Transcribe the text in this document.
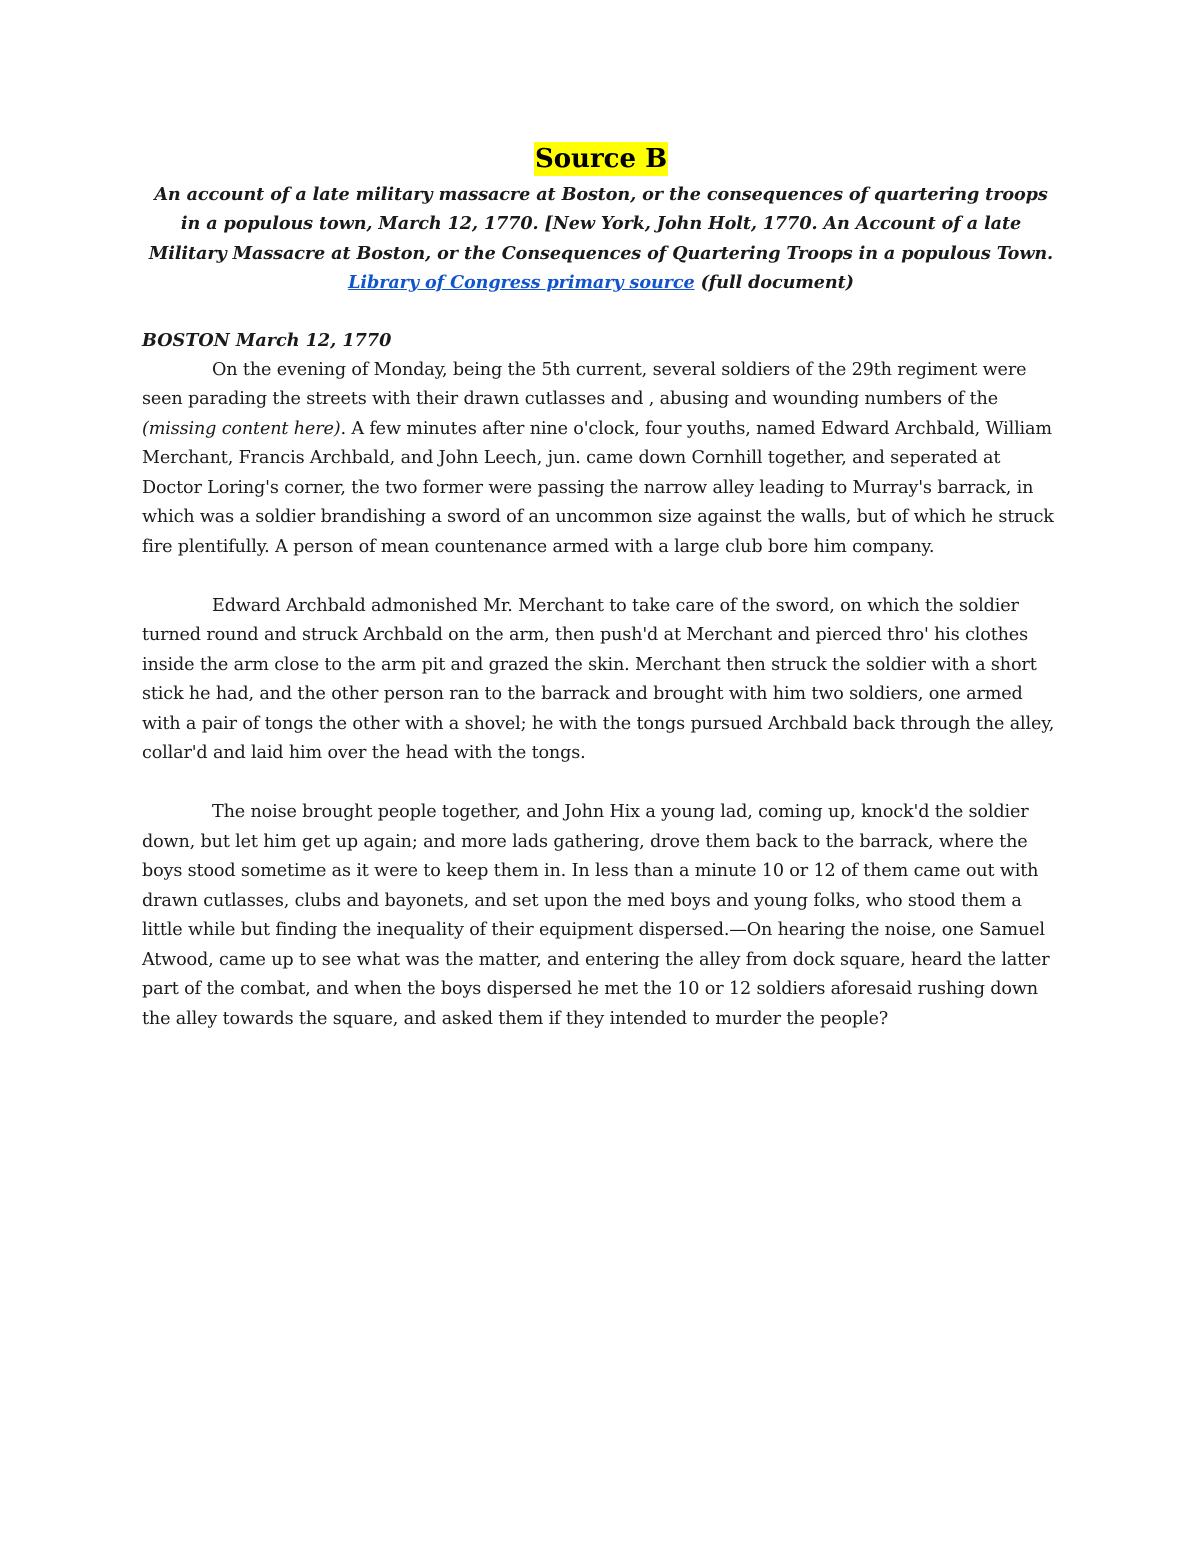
Source B

An account of a late military massacre at Boston, or the consequences of quartering troops in a populous town, March 12, 1770. [New York, John Holt, 1770. An Account of a late Military Massacre at Boston, or the Consequences of Quartering Troops in a populous Town. Library of Congress primary source (full document)

BOSTON March 12, 1770

On the evening of Monday, being the 5th current, several soldiers of the 29th regiment were seen parading the streets with their drawn cutlasses and , abusing and wounding numbers of the (missing content here). A few minutes after nine o'clock, four youths, named Edward Archbald, William Merchant, Francis Archbald, and John Leech, jun. came down Cornhill together, and seperated at Doctor Loring's corner, the two former were passing the narrow alley leading to Murray's barrack, in which was a soldier brandishing a sword of an uncommon size against the walls, but of which he struck fire plentifully. A person of mean countenance armed with a large club bore him company.

Edward Archbald admonished Mr. Merchant to take care of the sword, on which the soldier turned round and struck Archbald on the arm, then push'd at Merchant and pierced thro' his clothes inside the arm close to the arm pit and grazed the skin. Merchant then struck the soldier with a short stick he had, and the other person ran to the barrack and brought with him two soldiers, one armed with a pair of tongs the other with a shovel; he with the tongs pursued Archbald back through the alley, collar'd and laid him over the head with the tongs.

The noise brought people together, and John Hix a young lad, coming up, knock'd the soldier down, but let him get up again; and more lads gathering, drove them back to the barrack, where the boys stood sometime as it were to keep them in. In less than a minute 10 or 12 of them came out with drawn cutlasses, clubs and bayonets, and set upon the med boys and young folks, who stood them a little while but finding the inequality of their equipment dispersed.—On hearing the noise, one Samuel Atwood, came up to see what was the matter, and entering the alley from dock square, heard the latter part of the combat, and when the boys dispersed he met the 10 or 12 soldiers aforesaid rushing down the alley towards the square, and asked them if they intended to murder the people?
